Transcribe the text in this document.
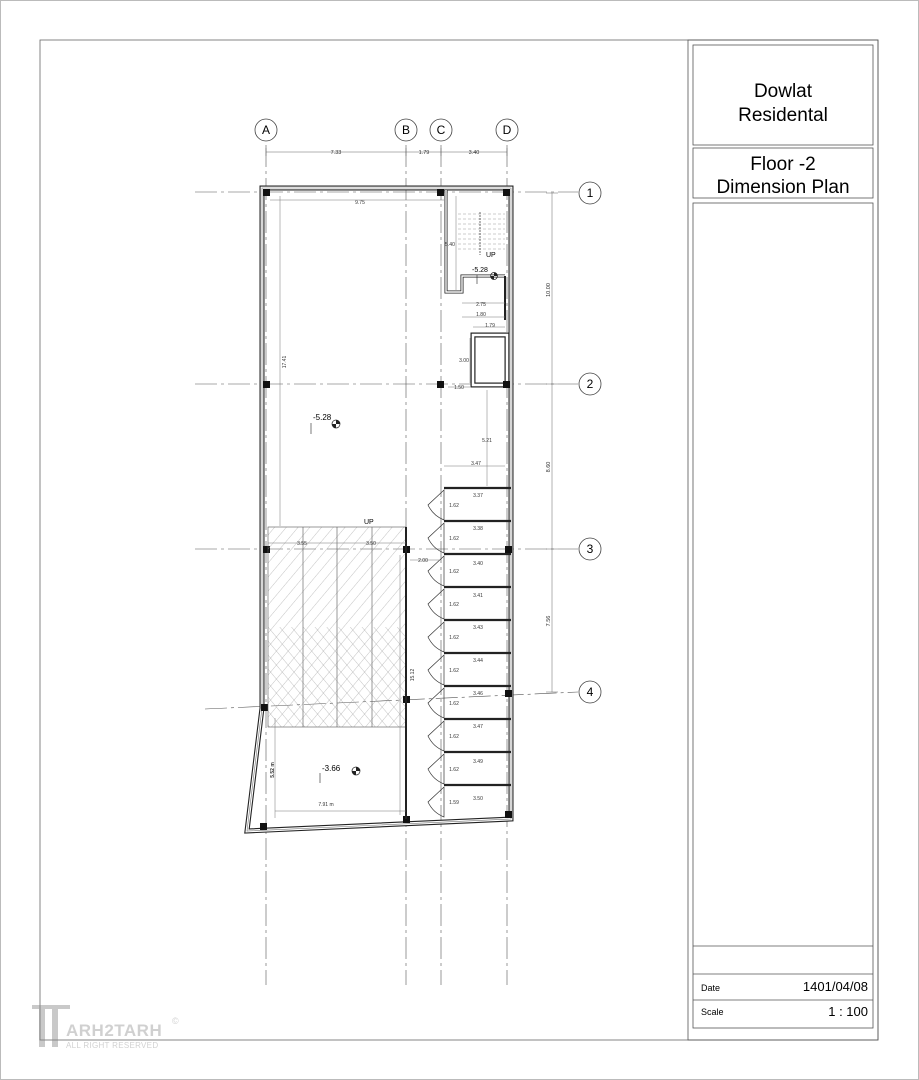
Dowlat
Residental
Floor -2
Dimension Plan
Date	1401/04/08
Scale	1 : 100
A	B C	D
1
2
3
4
7.33	1.79	3.40
10.00
8.60
7.56
UP
-5.28
UP
3.37
3.38
3.40
3.41
3.43
3.44
3.46
3.47
3.49
3.50
1.62
1.62
1.62
1.62
1.62
1.62
1.62
1.62
1.62
1.59
9.75
17.41
5.40
2.75
1.80
1.79
3.00
1.50
5.21
3.47
3.55	3.50
2.00
15.12
5.52 m
7.91 m
-5.28
-3.66
ARH2TARH
ALL RIGHT RESERVED
©
